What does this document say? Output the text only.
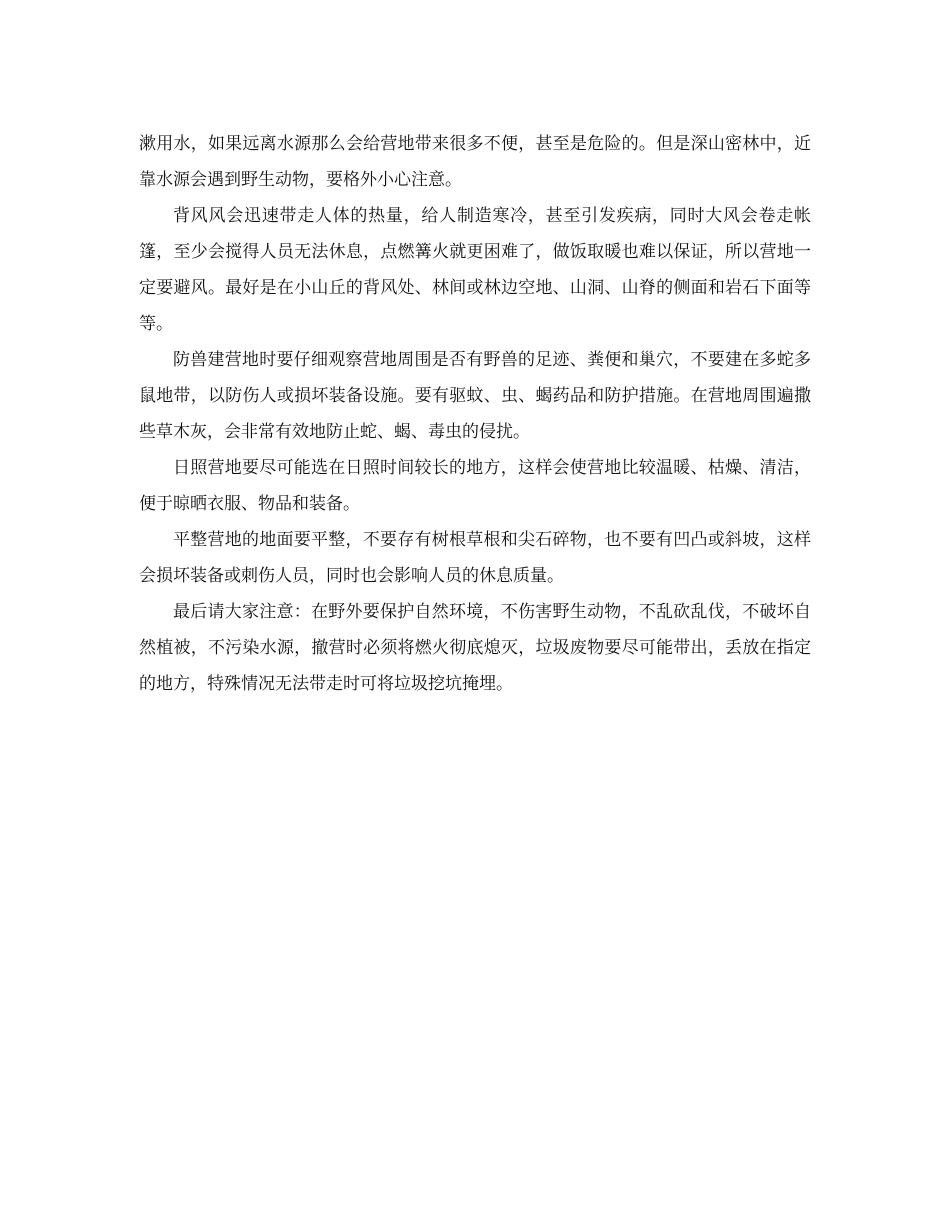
漱用水，如果远离水源那么会给营地带来很多不便，甚至是危险的。但是深山密林中，近靠水源会遇到野生动物，要格外小心注意。

背风风会迅速带走人体的热量，给人制造寒冷，甚至引发疾病，同时大风会卷走帐篷，至少会搅得人员无法休息，点燃篝火就更困难了，做饭取暖也难以保证，所以营地一定要避风。最好是在小山丘的背风处、林间或林边空地、山洞、山脊的侧面和岩石下面等等。

防兽建营地时要仔细观察营地周围是否有野兽的足迹、粪便和巢穴，不要建在多蛇多鼠地带，以防伤人或损坏装备设施。要有驱蚊、虫、蝎药品和防护措施。在营地周围遍撒些草木灰，会非常有效地防止蛇、蝎、毒虫的侵扰。

日照营地要尽可能选在日照时间较长的地方，这样会使营地比较温暖、枯燥、清洁，便于晾晒衣服、物品和装备。

平整营地的地面要平整，不要存有树根草根和尖石碎物，也不要有凹凸或斜坡，这样会损坏装备或刺伤人员，同时也会影响人员的休息质量。

最后请大家注意：在野外要保护自然环境，不伤害野生动物，不乱砍乱伐，不破坏自然植被，不污染水源，撤营时必须将燃火彻底熄灭，垃圾废物要尽可能带出，丢放在指定的地方，特殊情况无法带走时可将垃圾挖坑掩埋。
